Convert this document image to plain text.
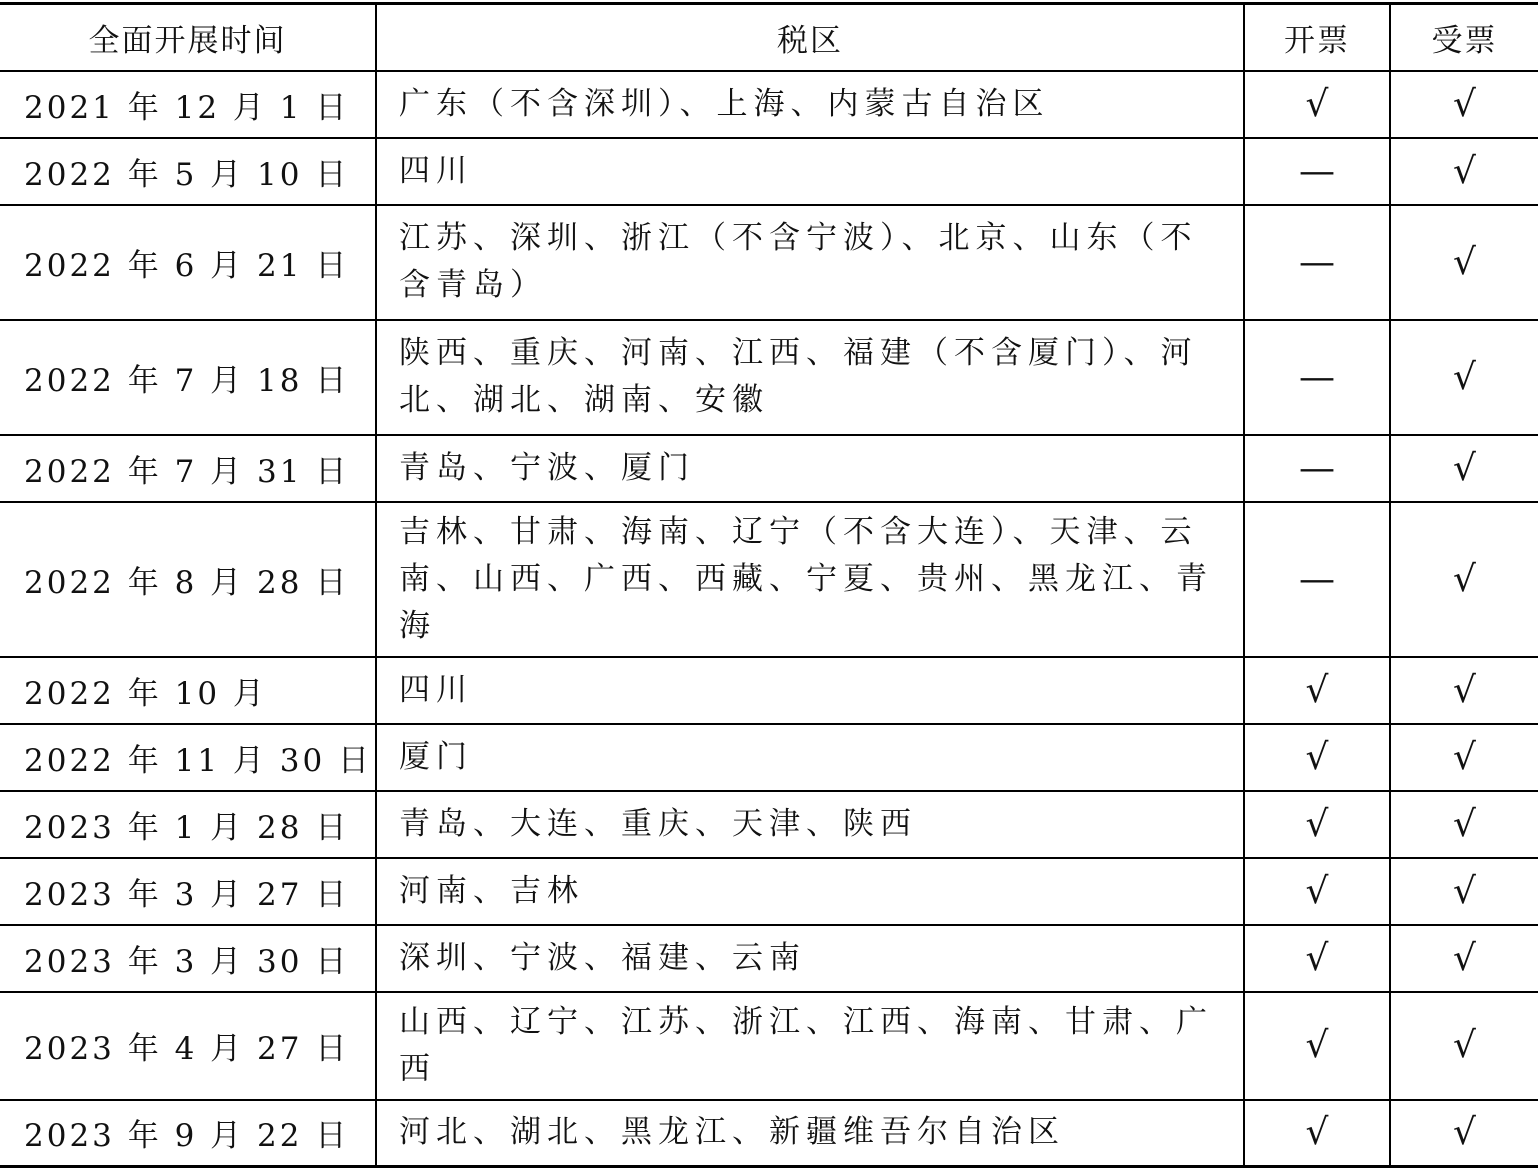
全面开展时间	税区	开票	受票
2021 年 12 月 1 日	广东（不含深圳）、上海、内蒙古自治区	√	√
2022 年 5 月 10 日	四川	—	√
2022 年 6 月 21 日	江苏、深圳、浙江（不含宁波）、北京、山东（不含青岛）	—	√
2022 年 7 月 18 日	陕西、重庆、河南、江西、福建（不含厦门）、河北、湖北、湖南、安徽	—	√
2022 年 7 月 31 日	青岛、宁波、厦门	—	√
2022 年 8 月 28 日	吉林、甘肃、海南、辽宁（不含大连）、天津、云南、山西、广西、西藏、宁夏、贵州、黑龙江、青海	—	√
2022 年 10 月	四川	√	√
2022 年 11 月 30 日	厦门	√	√
2023 年 1 月 28 日	青岛、大连、重庆、天津、陕西	√	√
2023 年 3 月 27 日	河南、吉林	√	√
2023 年 3 月 30 日	深圳、宁波、福建、云南	√	√
2023 年 4 月 27 日	山西、辽宁、江苏、浙江、江西、海南、甘肃、广西	√	√
2023 年 9 月 22 日	河北、湖北、黑龙江、新疆维吾尔自治区	√	√
